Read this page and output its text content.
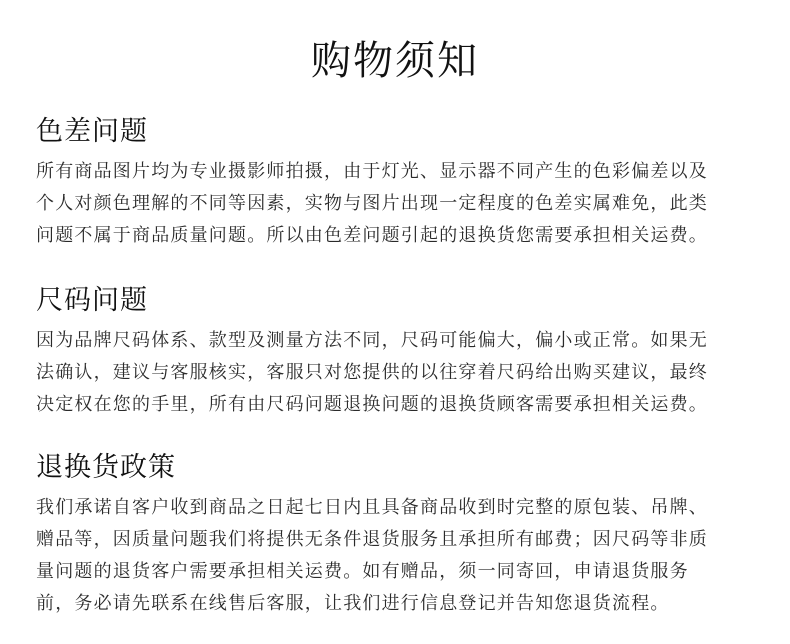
购物须知
色差问题

所有商品图片均为专业摄影师拍摄，由于灯光、显示器不同产生的色彩偏差以及
个人对颜色理解的不同等因素，实物与图片出现一定程度的色差实属难免，此类
问题不属于商品质量问题。所以由色差问题引起的退换货您需要承担相关运费。

尺码问题

因为品牌尺码体系、款型及测量方法不同，尺码可能偏大，偏小或正常。如果无
法确认，建议与客服核实，客服只对您提供的以往穿着尺码给出购买建议，最终
决定权在您的手里，所有由尺码问题退换问题的退换货顾客需要承担相关运费。

退换货政策

我们承诺自客户收到商品之日起七日内且具备商品收到时完整的原包装、吊牌、
赠品等，因质量问题我们将提供无条件退货服务且承担所有邮费；因尺码等非质
量问题的退货客户需要承担相关运费。如有赠品，须一同寄回，申请退货服务
前，务必请先联系在线售后客服，让我们进行信息登记并告知您退货流程。
